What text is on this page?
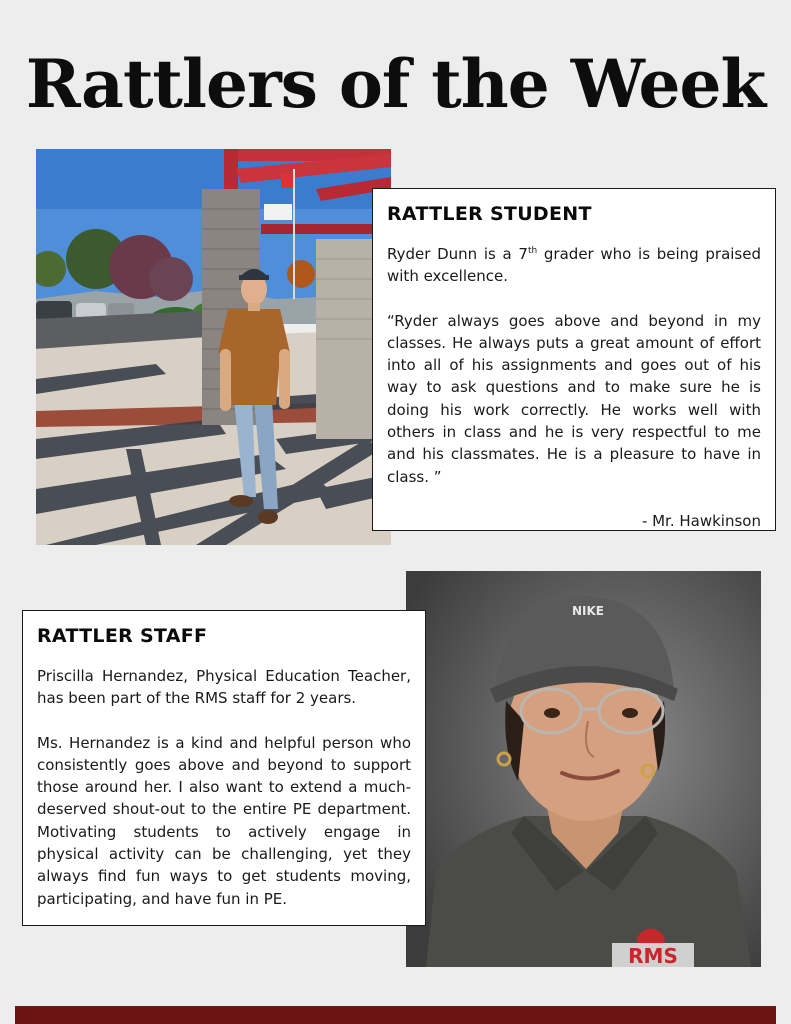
Rattlers of the Week
RATTLER STUDENT

Ryder Dunn is a 7th grader who is being praised with excellence.

“Ryder always goes above and beyond in my classes. He always puts a great amount of effort into all of his assignments and goes out of his way to ask questions and to make sure he is doing his work correctly. He works well with others in class and he is very respectful to me and his classmates. He is a pleasure to have in class. ”

- Mr. Hawkinson

NIKE
RMS
RATTLER STAFF

Priscilla Hernandez, Physical Education Teacher, has been part of the RMS staff for 2 years.

Ms. Hernandez is a kind and helpful person who consistently goes above and beyond to support those around her. I also want to extend a much-deserved shout-out to the entire PE department. Motivating students to actively engage in physical activity can be challenging, yet they always find fun ways to get students moving, participating, and have fun in PE.
